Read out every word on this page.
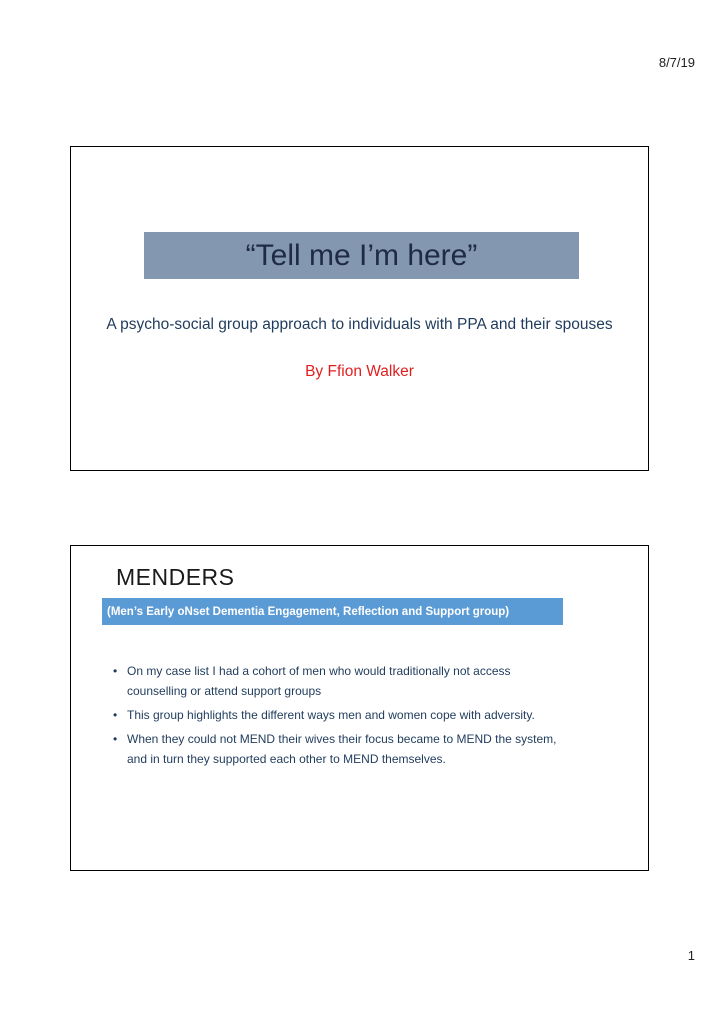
8/7/19
“Tell me I’m here”
A psycho-social group approach to individuals with PPA and their spouses
By Ffion Walker
MENDERS
(Men’s Early oNset Dementia Engagement, Reflection and Support group)
• On my case list I had a cohort of men who would traditionally not access counselling or attend support groups
• This group highlights the different ways men and women cope with adversity.
• When they could not MEND their wives their focus became to MEND the system, and in turn they supported each other to MEND themselves.
1
